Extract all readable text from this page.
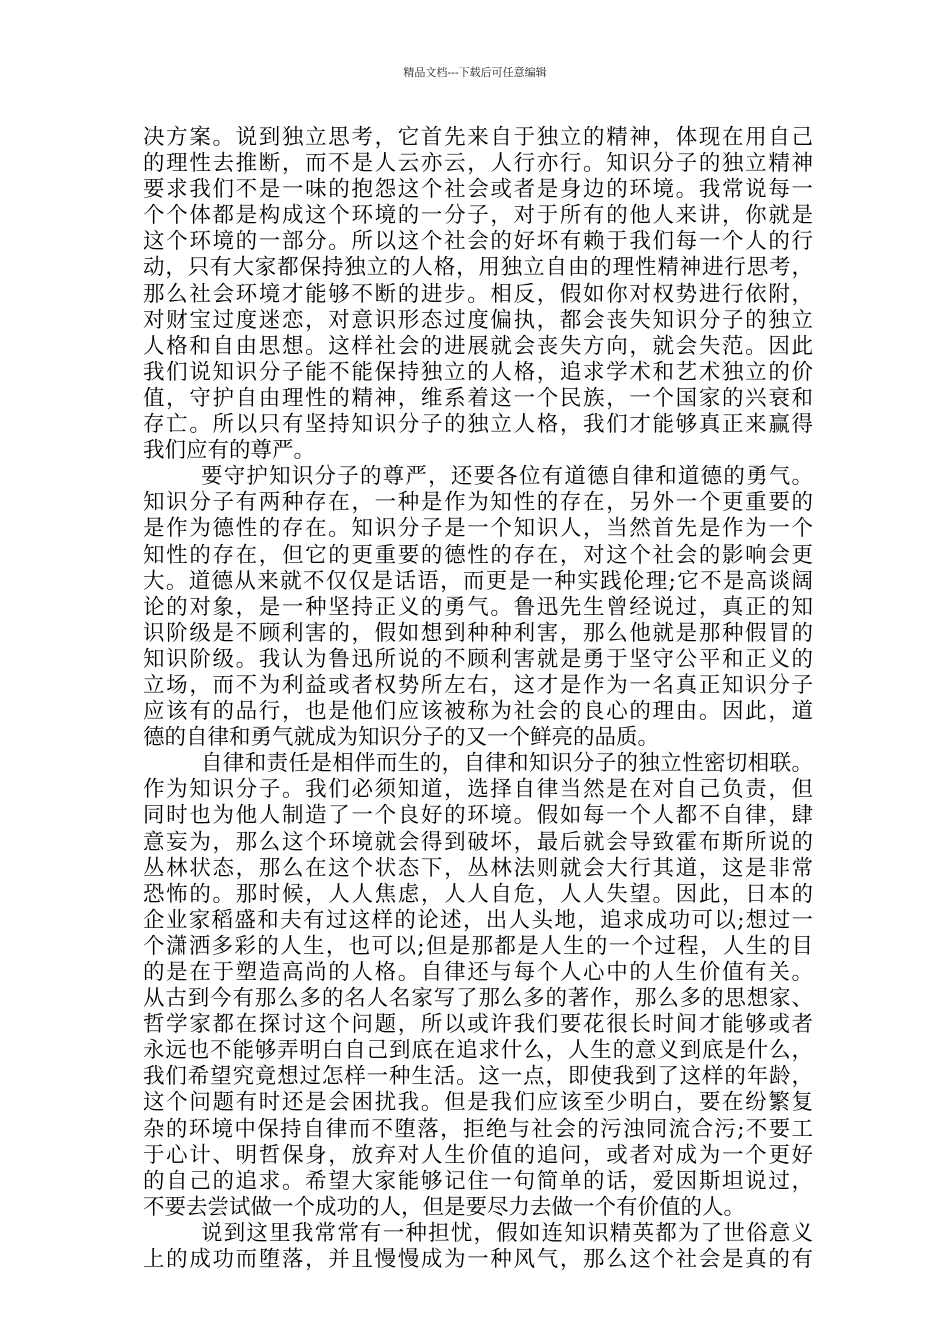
精品文档---下载后可任意编辑
决方案。说到独立思考，它首先来自于独立的精神，体现在用自己
的理性去推断，而不是人云亦云，人行亦行。知识分子的独立精神
要求我们不是一味的抱怨这个社会或者是身边的环境。我常说每一
个个体都是构成这个环境的一分子，对于所有的他人来讲，你就是
这个环境的一部分。所以这个社会的好坏有赖于我们每一个人的行
动，只有大家都保持独立的人格，用独立自由的理性精神进行思考，
那么社会环境才能够不断的进步。相反，假如你对权势进行依附，
对财宝过度迷恋，对意识形态过度偏执，都会丧失知识分子的独立
人格和自由思想。这样社会的进展就会丧失方向，就会失范。因此
我们说知识分子能不能保持独立的人格，追求学术和艺术独立的价
值，守护自由理性的精神，维系着这一个民族，一个国家的兴衰和
存亡。所以只有坚持知识分子的独立人格，我们才能够真正来赢得
我们应有的尊严。
要守护知识分子的尊严，还要各位有道德自律和道德的勇气。
知识分子有两种存在，一种是作为知性的存在，另外一个更重要的
是作为德性的存在。知识分子是一个知识人，当然首先是作为一个
知性的存在，但它的更重要的德性的存在，对这个社会的影响会更
大。道德从来就不仅仅是话语，而更是一种实践伦理;它不是高谈阔
论的对象，是一种坚持正义的勇气。鲁迅先生曾经说过，真正的知
识阶级是不顾利害的，假如想到种种利害，那么他就是那种假冒的
知识阶级。我认为鲁迅所说的不顾利害就是勇于坚守公平和正义的
立场，而不为利益或者权势所左右，这才是作为一名真正知识分子
应该有的品行，也是他们应该被称为社会的良心的理由。因此，道
德的自律和勇气就成为知识分子的又一个鲜亮的品质。
自律和责任是相伴而生的，自律和知识分子的独立性密切相联。
作为知识分子。我们必须知道，选择自律当然是在对自己负责，但
同时也为他人制造了一个良好的环境。假如每一个人都不自律，肆
意妄为，那么这个环境就会得到破坏，最后就会导致霍布斯所说的
丛林状态，那么在这个状态下，丛林法则就会大行其道，这是非常
恐怖的。那时候，人人焦虑，人人自危，人人失望。因此，日本的
企业家稻盛和夫有过这样的论述，出人头地，追求成功可以;想过一
个潇洒多彩的人生，也可以;但是那都是人生的一个过程，人生的目
的是在于塑造高尚的人格。自律还与每个人心中的人生价值有关。
从古到今有那么多的名人名家写了那么多的著作，那么多的思想家、
哲学家都在探讨这个问题，所以或许我们要花很长时间才能够或者
永远也不能够弄明白自己到底在追求什么，人生的意义到底是什么，
我们希望究竟想过怎样一种生活。这一点，即使我到了这样的年龄，
这个问题有时还是会困扰我。但是我们应该至少明白，要在纷繁复
杂的环境中保持自律而不堕落，拒绝与社会的污浊同流合污;不要工
于心计、明哲保身，放弃对人生价值的追问，或者对成为一个更好
的自己的追求。希望大家能够记住一句简单的话，爱因斯坦说过，
不要去尝试做一个成功的人，但是要尽力去做一个有价值的人。
说到这里我常常有一种担忧，假如连知识精英都为了世俗意义
上的成功而堕落，并且慢慢成为一种风气，那么这个社会是真的有
